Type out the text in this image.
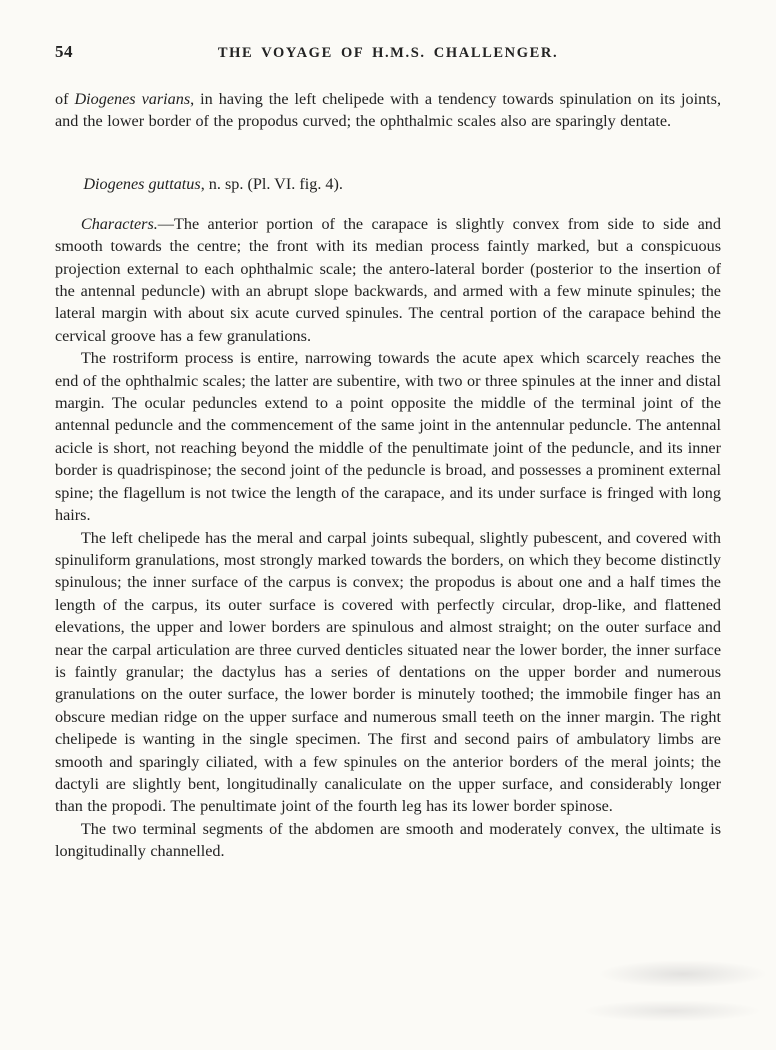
54	THE VOYAGE OF H.M.S. CHALLENGER.

of Diogenes varians, in having the left chelipede with a tendency towards spinulation on its joints, and the lower border of the propodus curved; the ophthalmic scales also are sparingly dentate.

Diogenes guttatus, n. sp. (Pl. VI. fig. 4).

Characters.—The anterior portion of the carapace is slightly convex from side to side and smooth towards the centre; the front with its median process faintly marked, but a conspicuous projection external to each ophthalmic scale; the antero-lateral border (posterior to the insertion of the antennal peduncle) with an abrupt slope backwards, and armed with a few minute spinules; the lateral margin with about six acute curved spinules. The central portion of the carapace behind the cervical groove has a few granulations.

The rostriform process is entire, narrowing towards the acute apex which scarcely reaches the end of the ophthalmic scales; the latter are subentire, with two or three spinules at the inner and distal margin. The ocular peduncles extend to a point opposite the middle of the terminal joint of the antennal peduncle and the commencement of the same joint in the antennular peduncle. The antennal acicle is short, not reaching beyond the middle of the penultimate joint of the peduncle, and its inner border is quadrispinose; the second joint of the peduncle is broad, and possesses a prominent external spine; the flagellum is not twice the length of the carapace, and its under surface is fringed with long hairs.

The left chelipede has the meral and carpal joints subequal, slightly pubescent, and covered with spinuliform granulations, most strongly marked towards the borders, on which they become distinctly spinulous; the inner surface of the carpus is convex; the propodus is about one and a half times the length of the carpus, its outer surface is covered with perfectly circular, drop-like, and flattened elevations, the upper and lower borders are spinulous and almost straight; on the outer surface and near the carpal articulation are three curved denticles situated near the lower border, the inner surface is faintly granular; the dactylus has a series of dentations on the upper border and numerous granulations on the outer surface, the lower border is minutely toothed; the immobile finger has an obscure median ridge on the upper surface and numerous small teeth on the inner margin. The right chelipede is wanting in the single specimen. The first and second pairs of ambulatory limbs are smooth and sparingly ciliated, with a few spinules on the anterior borders of the meral joints; the dactyli are slightly bent, longitudinally canaliculate on the upper surface, and considerably longer than the propodi. The penultimate joint of the fourth leg has its lower border spinose.

The two terminal segments of the abdomen are smooth and moderately convex, the ultimate is longitudinally channelled.
